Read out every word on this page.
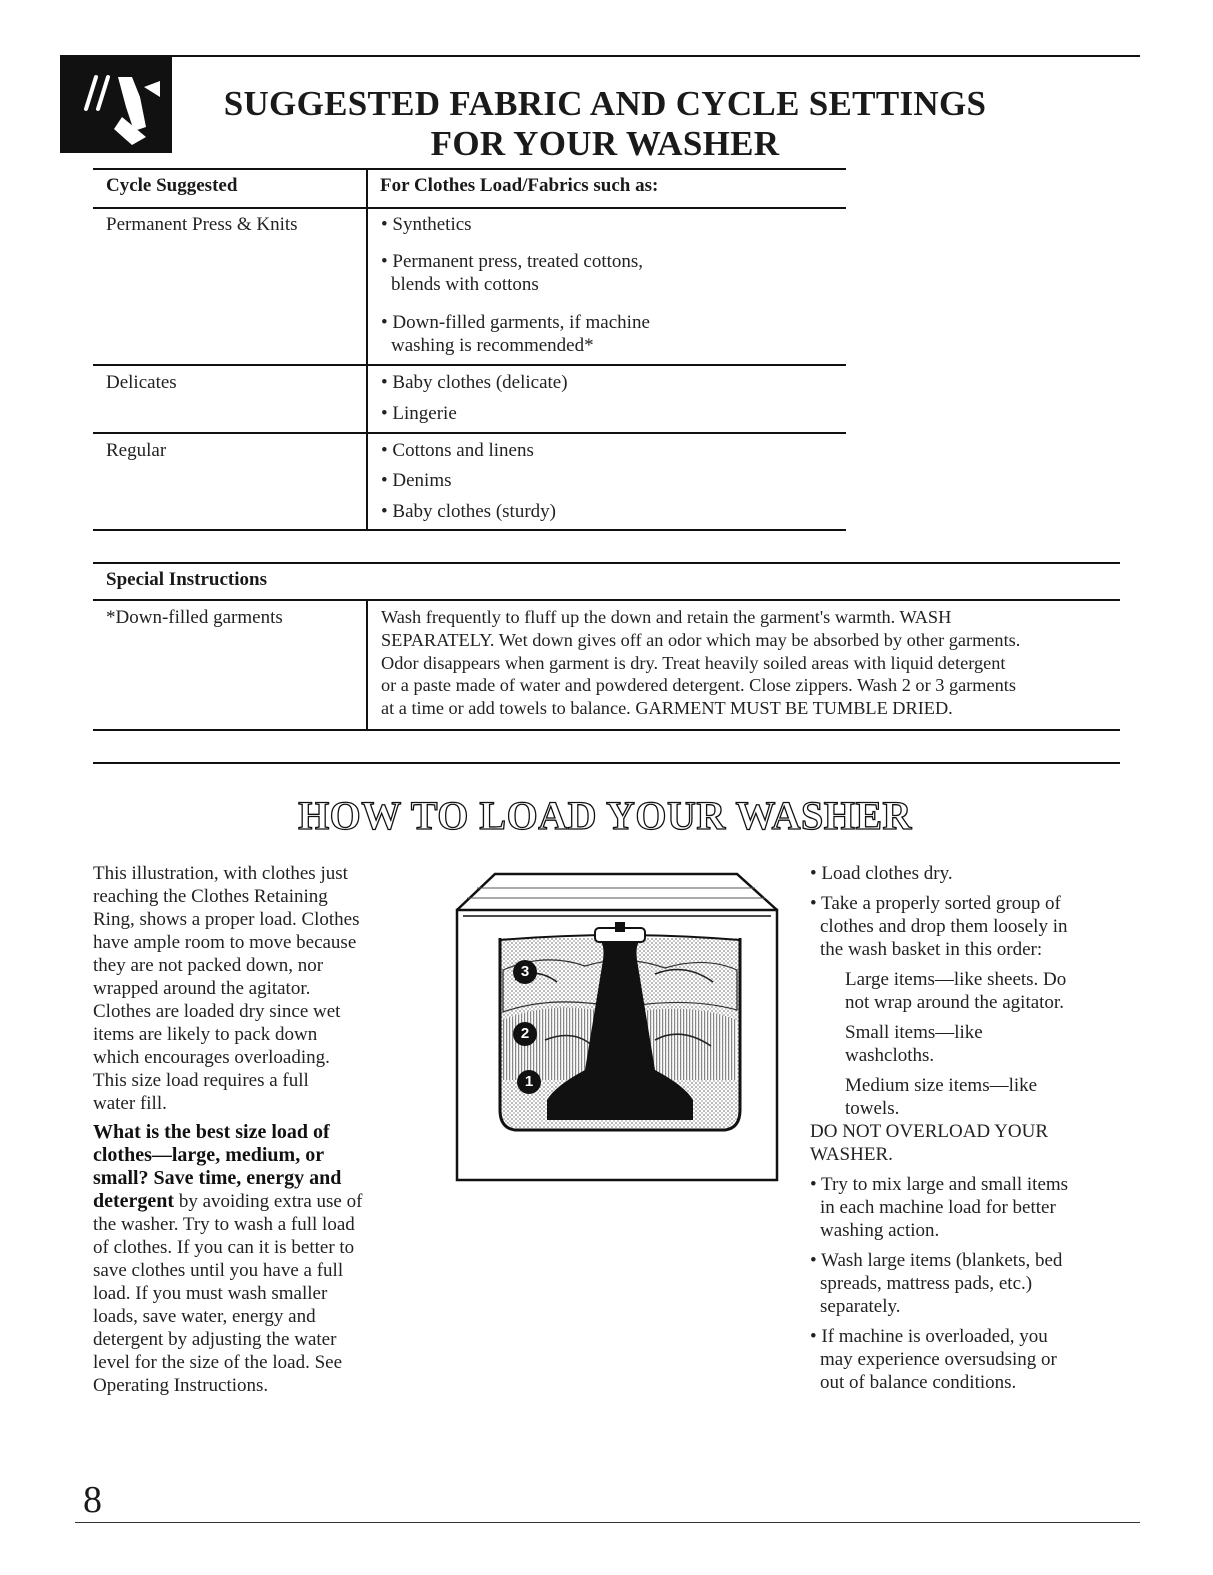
SUGGESTED FABRIC AND CYCLE SETTINGS
FOR YOUR WASHER
Cycle Suggested	For Clothes Load/Fabrics such as:
Permanent Press & Knits	• Synthetics
• Permanent press, treated cottons,
blends with cottons
• Down-filled garments, if machine
washing is recommended*
Delicates	• Baby clothes (delicate)
• Lingerie
Regular	• Cottons and linens
• Denims
• Baby clothes (sturdy)
Special Instructions
*Down-filled garments	Wash frequently to fluff up the down and retain the garment's warmth. WASH
SEPARATELY. Wet down gives off an odor which may be absorbed by other garments.
Odor disappears when garment is dry. Treat heavily soiled areas with liquid detergent
or a paste made of water and powdered detergent. Close zippers. Wash 2 or 3 garments
at a time or add towels to balance. GARMENT MUST BE TUMBLE DRIED.
HOW TO LOAD YOUR WASHER
This illustration, with clothes just
reaching the Clothes Retaining
Ring, shows a proper load. Clothes
have ample room to move because
they are not packed down, nor
wrapped around the agitator.
Clothes are loaded dry since wet
items are likely to pack down
which encourages overloading.
This size load requires a full
water fill.
What is the best size load of
clothes—large, medium, or
small? Save time, energy and
detergent by avoiding extra use of
the washer. Try to wash a full load
of clothes. If you can it is better to
save clothes until you have a full
load. If you must wash smaller
loads, save water, energy and
detergent by adjusting the water
level for the size of the load. See
Operating Instructions.
3
2
1
• Load clothes dry.
• Take a properly sorted group of
clothes and drop them loosely in
the wash basket in this order:
Large items—like sheets. Do
not wrap around the agitator.
Small items—like
washcloths.
Medium size items—like
towels.
DO NOT OVERLOAD YOUR
WASHER.
• Try to mix large and small items
in each machine load for better
washing action.
• Wash large items (blankets, bed
spreads, mattress pads, etc.)
separately.
• If machine is overloaded, you
may experience oversudsing or
out of balance conditions.
8
